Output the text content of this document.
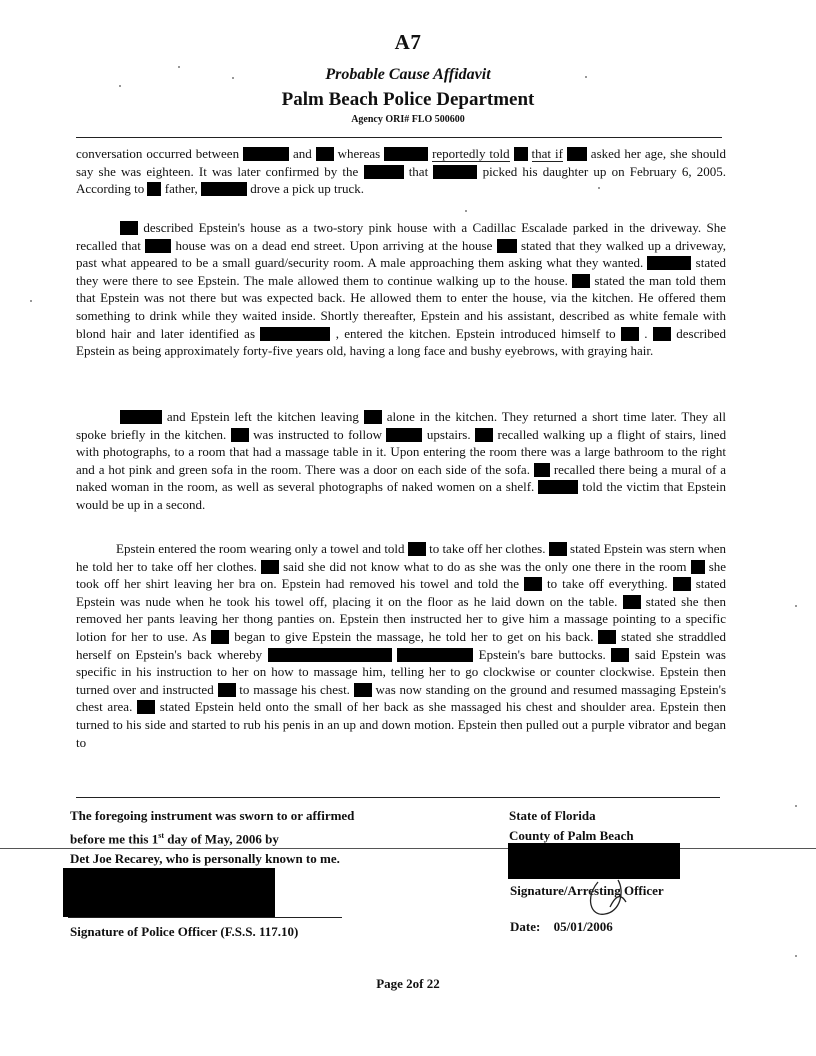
A7
Probable Cause Affidavit
Palm Beach Police Department
Agency ORI# FLO 500600

conversation occurred between	and whereas	reportedly told that if asked her age, she should say she was eighteen. It was later confirmed by the	that	picked his daughter up on February 6, 2005. According to father,	drove a pick up truck.

described Epstein's house as a two-story pink house with a Cadillac Escalade parked in the driveway. She recalled that	house was on a dead end street. Upon arriving at the house stated that they walked up a driveway, past what appeared to be a small guard/security room. A male approaching them asking what they wanted.	stated they were there to see Epstein. The male allowed them to continue walking up to the house. stated the man told them that Epstein was not there but was expected back. He allowed them to enter the house, via the kitchen. He offered them something to drink while they waited inside. Shortly thereafter, Epstein and his assistant, described as white female with blond hair and later identified as	, entered the kitchen. Epstein introduced himself to . described Epstein as being approximately forty-five years old, having a long face and bushy eyebrows, with graying hair.

and Epstein left the kitchen leaving alone in the kitchen. They returned a short time later. They all spoke briefly in the kitchen. was instructed to follow	upstairs. recalled walking up a flight of stairs, lined with photographs, to a room that had a massage table in it. Upon entering the room there was a large bathroom to the right and a hot pink and green sofa in the room. There was a door on each side of the sofa. recalled there being a mural of a naked woman in the room, as well as several photographs of naked women on a shelf.	told the victim that Epstein would be up in a second.

Epstein entered the room wearing only a towel and told to take off her clothes. stated Epstein was stern when he told her to take off her clothes. said she did not know what to do as she was the only one there in the room she took off her shirt leaving her bra on. Epstein had removed his towel and told the to take off everything. stated Epstein was nude when he took his towel off, placing it on the floor as he laid down on the table. stated she then removed her pants leaving her thong panties on. Epstein then instructed her to give him a massage pointing to a specific lotion for her to use. As began to give Epstein the massage, he told her to get on his back. stated she straddled herself on Epstein's back whereby	Epstein's bare buttocks. said Epstein was specific in his instruction to her on how to massage him, telling her to go clockwise or counter clockwise. Epstein then turned over and instructed to massage his chest. was now standing on the ground and resumed massaging Epstein's chest area. stated Epstein held onto the small of her back as she massaged his chest and shoulder area. Epstein then turned to his side and started to rub his penis in an up and down motion. Epstein then pulled out a purple vibrator and began to

The foregoing instrument was sworn to or affirmed
before me this 1st day of May, 2006 by
Det Joe Recarey, who is personally known to me.
State of Florida
County of Palm Beach
Signature of Police Officer (F.S.S. 117.10)
Signature/Arresting Officer
Date: 05/01/2006
Page 2of 22
